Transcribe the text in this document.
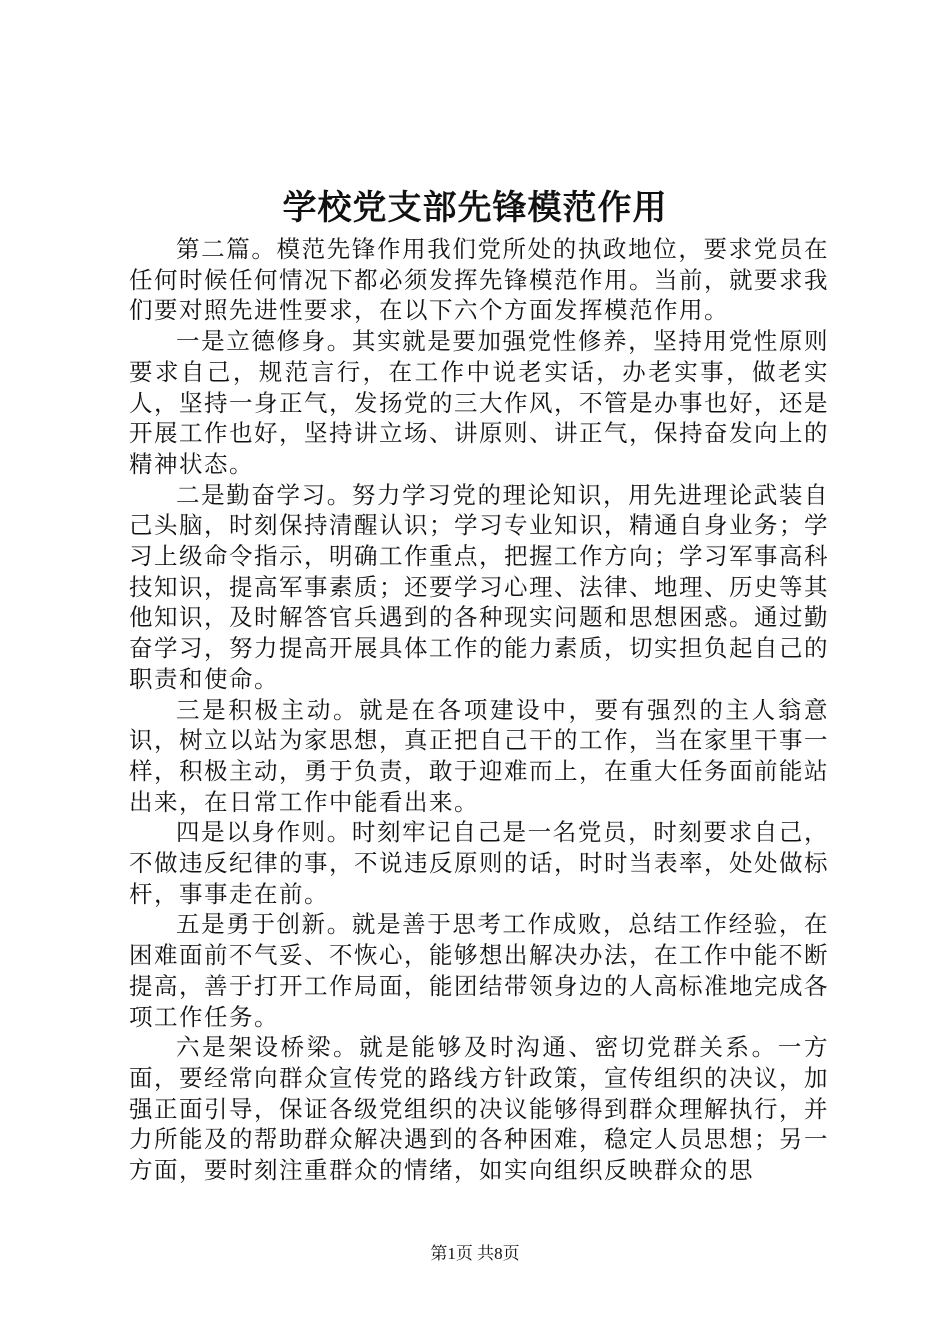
学校党支部先锋模范作用

第二篇。模范先锋作用我们党所处的执政地位，要求党员在任何时候任何情况下都必须发挥先锋模范作用。当前，就要求我们要对照先进性要求，在以下六个方面发挥模范作用。

一是立德修身。其实就是要加强党性修养，坚持用党性原则要求自己，规范言行，在工作中说老实话，办老实事，做老实人，坚持一身正气，发扬党的三大作风，不管是办事也好，还是开展工作也好，坚持讲立场、讲原则、讲正气，保持奋发向上的精神状态。

二是勤奋学习。努力学习党的理论知识，用先进理论武装自己头脑，时刻保持清醒认识；学习专业知识，精通自身业务；学习上级命令指示，明确工作重点，把握工作方向；学习军事高科技知识，提高军事素质；还要学习心理、法律、地理、历史等其他知识，及时解答官兵遇到的各种现实问题和思想困惑。通过勤奋学习，努力提高开展具体工作的能力素质，切实担负起自己的职责和使命。

三是积极主动。就是在各项建设中，要有强烈的主人翁意识，树立以站为家思想，真正把自己干的工作，当在家里干事一样，积极主动，勇于负责，敢于迎难而上，在重大任务面前能站出来，在日常工作中能看出来。

四是以身作则。时刻牢记自己是一名党员，时刻要求自己，不做违反纪律的事，不说违反原则的话，时时当表率，处处做标杆，事事走在前。

五是勇于创新。就是善于思考工作成败，总结工作经验，在困难面前不气妥、不恢心，能够想出解决办法，在工作中能不断提高，善于打开工作局面，能团结带领身边的人高标准地完成各项工作任务。

六是架设桥梁。就是能够及时沟通、密切党群关系。一方面，要经常向群众宣传党的路线方针政策，宣传组织的决议，加强正面引导，保证各级党组织的决议能够得到群众理解执行，并力所能及的帮助群众解决遇到的各种困难，稳定人员思想；另一方面，要时刻注重群众的情绪，如实向组织反映群众的思

第1页 共8页
